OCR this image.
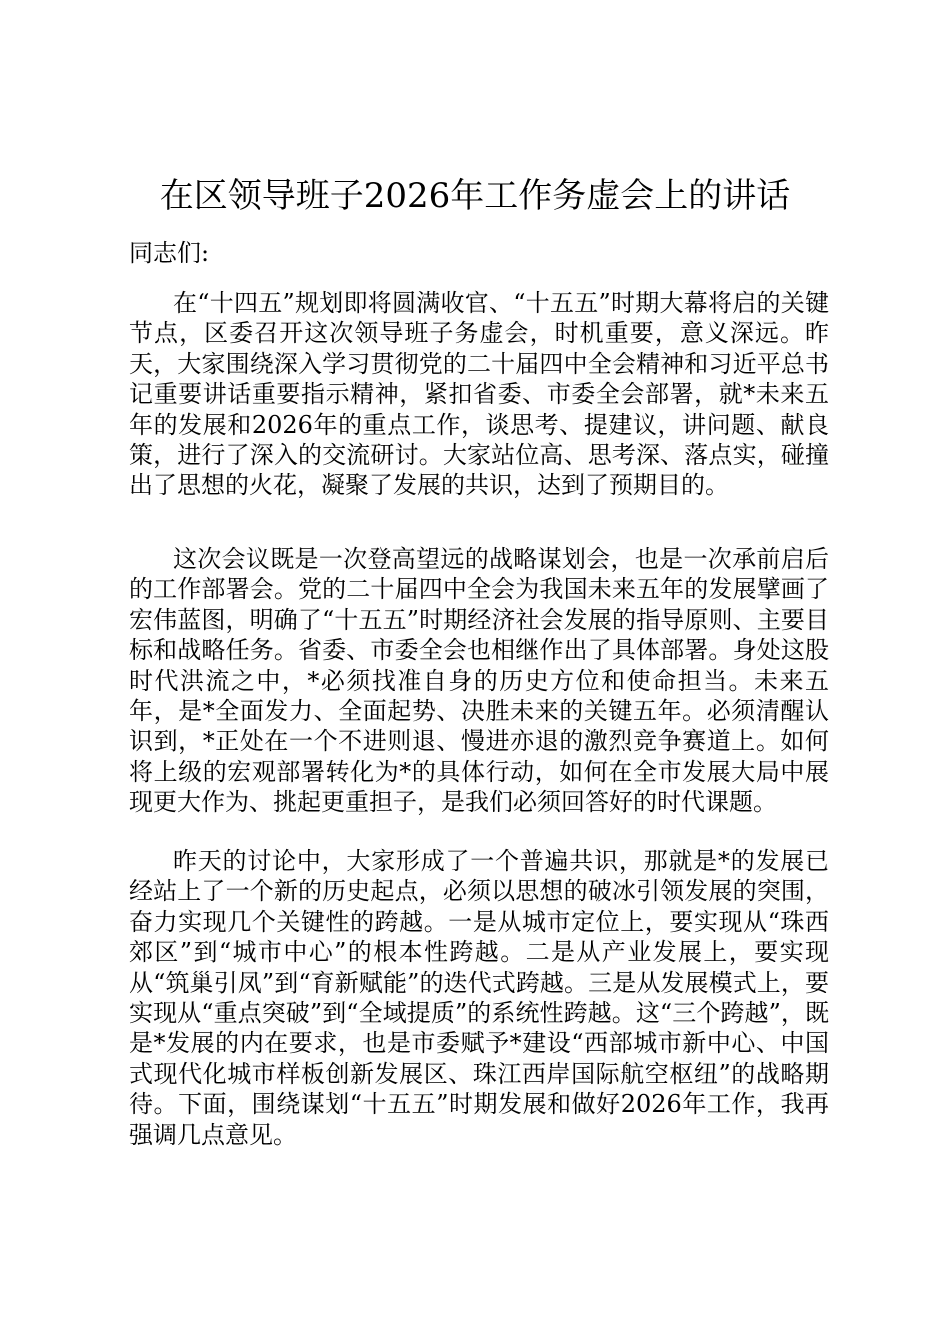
在区领导班子2026年工作务虚会上的讲话
同志们:

在“十四五”规划即将圆满收官、“十五五”时期大幕将启的关键节点，区委召开这次领导班子务虚会，时机重要，意义深远。昨天，大家围绕深入学习贯彻党的二十届四中全会精神和习近平总书记重要讲话重要指示精神，紧扣省委、市委全会部署，就*未来五年的发展和2026年的重点工作，谈思考、提建议，讲问题、献良策，进行了深入的交流研讨。大家站位高、思考深、落点实，碰撞出了思想的火花，凝聚了发展的共识，达到了预期目的。

这次会议既是一次登高望远的战略谋划会，也是一次承前启后的工作部署会。党的二十届四中全会为我国未来五年的发展擘画了宏伟蓝图，明确了“十五五”时期经济社会发展的指导原则、主要目标和战略任务。省委、市委全会也相继作出了具体部署。身处这股时代洪流之中，*必须找准自身的历史方位和使命担当。未来五年，是*全面发力、全面起势、决胜未来的关键五年。必须清醒认识到，*正处在一个不进则退、慢进亦退的激烈竞争赛道上。如何将上级的宏观部署转化为*的具体行动，如何在全市发展大局中展现更大作为、挑起更重担子，是我们必须回答好的时代课题。

昨天的讨论中，大家形成了一个普遍共识，那就是*的发展已经站上了一个新的历史起点，必须以思想的破冰引领发展的突围，奋力实现几个关键性的跨越。一是从城市定位上，要实现从“珠西郊区”到“城市中心”的根本性跨越。二是从产业发展上，要实现从“筑巢引凤”到“育新赋能”的迭代式跨越。三是从发展模式上，要实现从“重点突破”到“全域提质”的系统性跨越。这“三个跨越”，既是*发展的内在要求，也是市委赋予*建设“西部城市新中心、中国式现代化城市样板创新发展区、珠江西岸国际航空枢纽”的战略期待。下面，围绕谋划“十五五”时期发展和做好2026年工作，我再强调几点意见。
